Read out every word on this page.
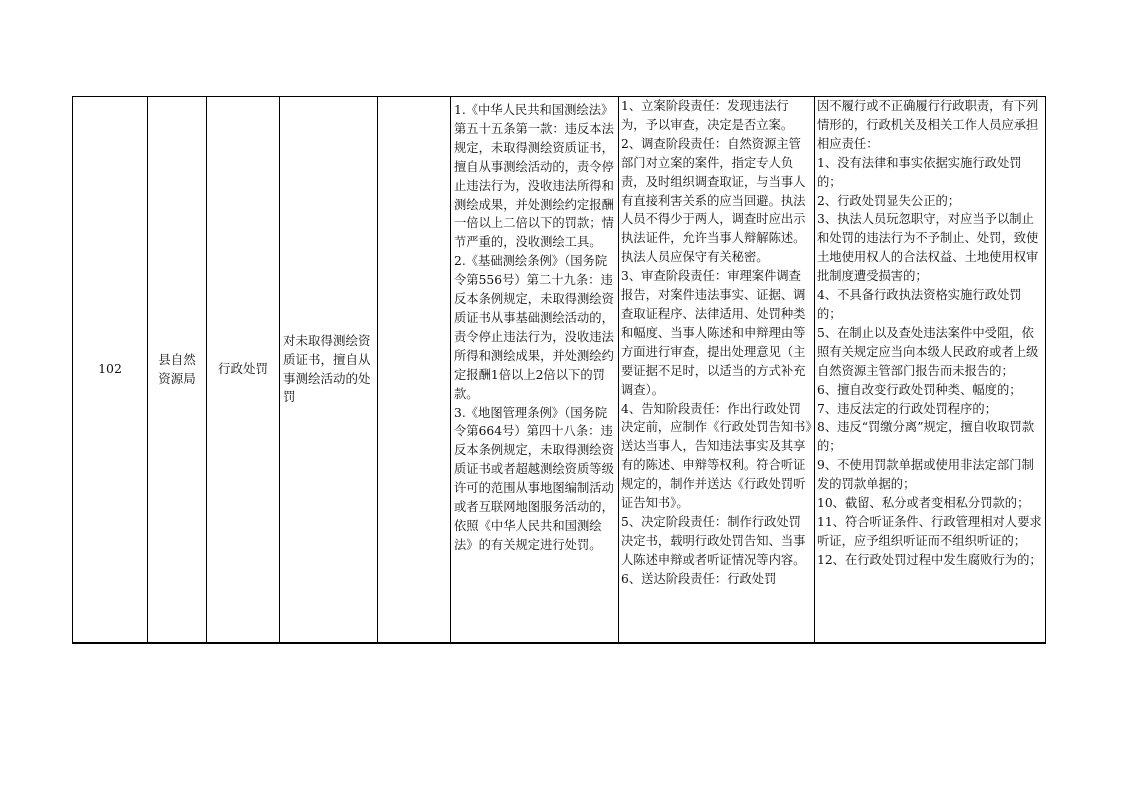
102
县自然资源局
行政处罚
对未取得测绘资质证书，擅自从事测绘活动的处罚

1.《中华人民共和国测绘法》第五十五条第一款：违反本法规定，未取得测绘资质证书，擅自从事测绘活动的，责令停止违法行为，没收违法所得和测绘成果，并处测绘约定报酬一倍以上二倍以下的罚款；情节严重的，没收测绘工具。

2.《基础测绘条例》（国务院令第556号）第二十九条：违反本条例规定，未取得测绘资质证书从事基础测绘活动的，责令停止违法行为，没收违法所得和测绘成果，并处测绘约定报酬1倍以上2倍以下的罚款。

3.《地图管理条例》（国务院令第664号）第四十八条：违反本条例规定，未取得测绘资质证书或者超越测绘资质等级许可的范围从事地图编制活动或者互联网地图服务活动的，依照《中华人民共和国测绘法》的有关规定进行处罚。

1、立案阶段责任：发现违法行为，予以审查，决定是否立案。

2、调查阶段责任：自然资源主管部门对立案的案件，指定专人负责，及时组织调查取证，与当事人有直接利害关系的应当回避。执法人员不得少于两人，调查时应出示执法证件，允许当事人辩解陈述。执法人员应保守有关秘密。

3、审查阶段责任：审理案件调查报告，对案件违法事实、证据、调查取证程序、法律适用、处罚种类和幅度、当事人陈述和申辩理由等方面进行审查，提出处理意见（主要证据不足时，以适当的方式补充调查）。

4、告知阶段责任：作出行政处罚决定前，应制作《行政处罚告知书》送达当事人，告知违法事实及其享有的陈述、申辩等权利。符合听证规定的，制作并送达《行政处罚听证告知书》。

5、决定阶段责任：制作行政处罚决定书，载明行政处罚告知、当事人陈述申辩或者听证情况等内容。

6、送达阶段责任：行政处罚

因不履行或不正确履行行政职责，有下列情形的，行政机关及相关工作人员应承担相应责任：

1、没有法律和事实依据实施行政处罚的；

2、行政处罚显失公正的；

3、执法人员玩忽职守，对应当予以制止和处罚的违法行为不予制止、处罚，致使土地使用权人的合法权益、土地使用权审批制度遭受损害的；

4、不具备行政执法资格实施行政处罚的；

5、在制止以及查处违法案件中受阻，依照有关规定应当向本级人民政府或者上级自然资源主管部门报告而未报告的；

6、擅自改变行政处罚种类、幅度的；

7、违反法定的行政处罚程序的；

8、违反“罚缴分离”规定，擅自收取罚款的；

9、不使用罚款单据或使用非法定部门制发的罚款单据的；

10、截留、私分或者变相私分罚款的；

11、符合听证条件、行政管理相对人要求听证，应予组织听证而不组织听证的；

12、在行政处罚过程中发生腐败行为的；
